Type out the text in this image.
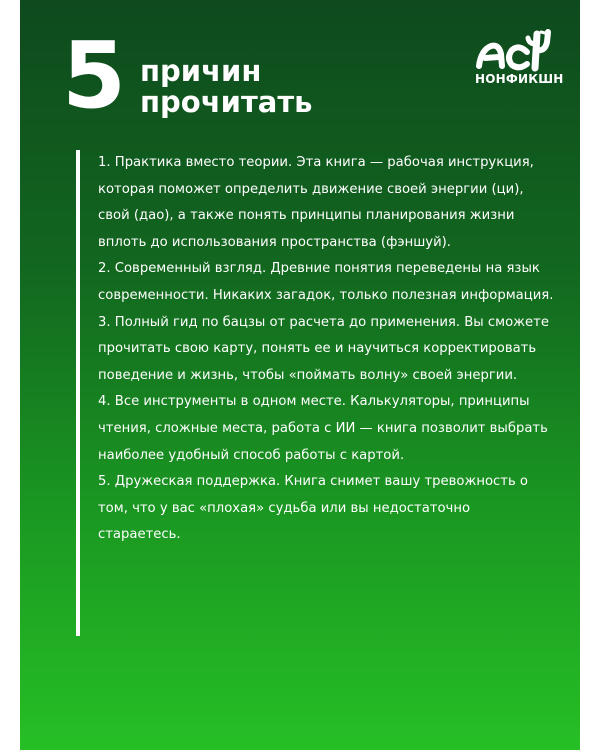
5 причин
прочитать
НОНФИКШН

1. Практика вместо теории. Эта книга — рабочая инструкция, которая поможет определить движение своей энергии (ци), свой (дао), а также понять принципы планирования жизни вплоть до использования пространства (фэншуй).

2. Современный взгляд. Древние понятия переведены на язык современности. Никаких загадок, только полезная информация.

3. Полный гид по бацзы от расчета до применения. Вы сможете прочитать свою карту, понять ее и научиться корректировать поведение и жизнь, чтобы «поймать волну» своей энергии.

4. Все инструменты в одном месте. Калькуляторы, принципы чтения, сложные места, работа с ИИ — книга позволит выбрать наиболее удобный способ работы с картой.

5. Дружеская поддержка. Книга снимет вашу тревожность о том, что у вас «плохая» судьба или вы недостаточно стараетесь.
